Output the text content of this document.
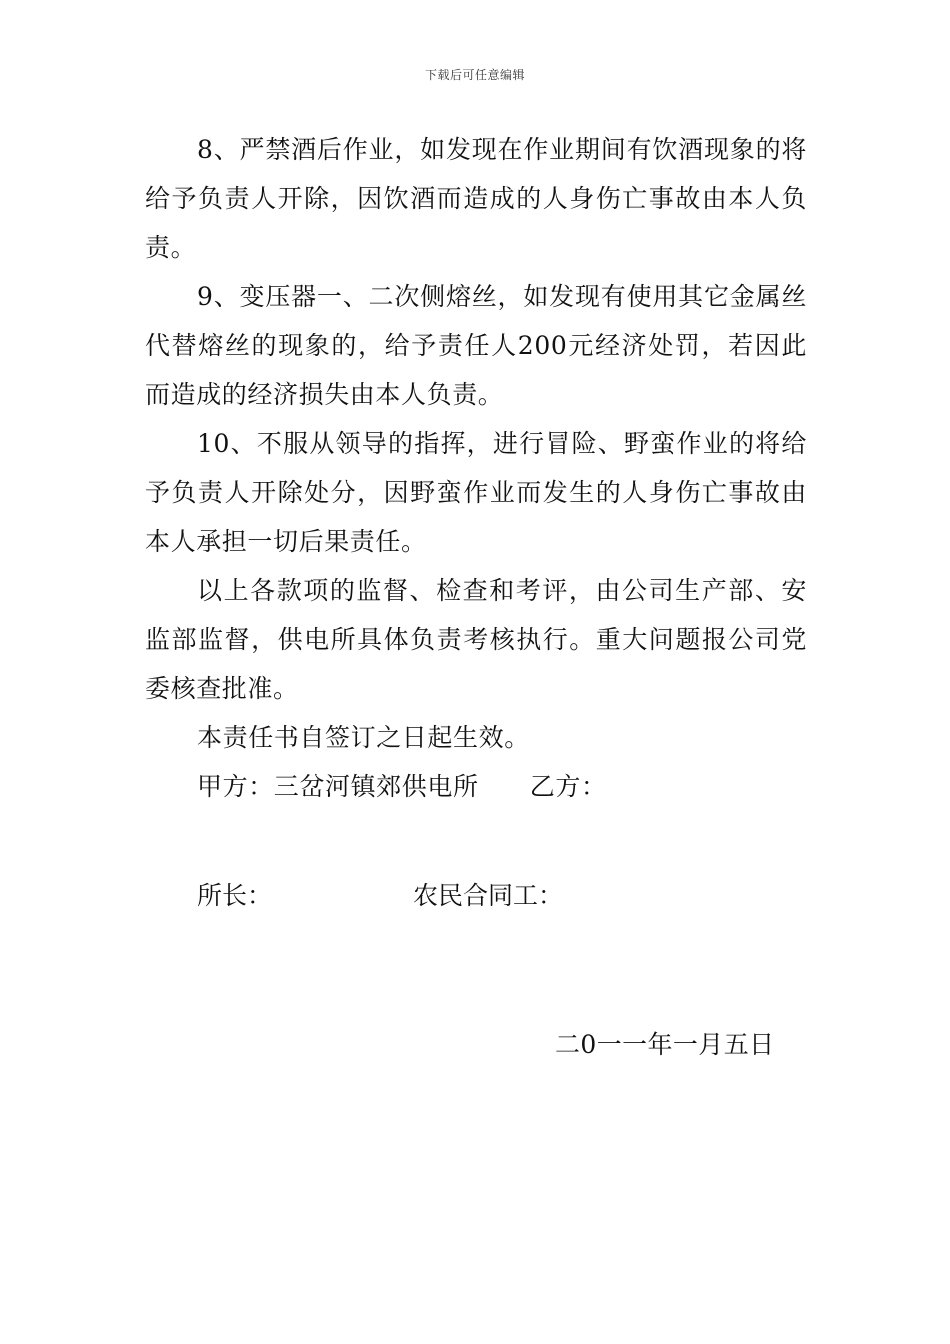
下载后可任意编辑

8、严禁酒后作业，如发现在作业期间有饮酒现象的将给予负责人开除，因饮酒而造成的人身伤亡事故由本人负责。

9、变压器一、二次侧熔丝，如发现有使用其它金属丝代替熔丝的现象的，给予责任人200元经济处罚，若因此而造成的经济损失由本人负责。

10、不服从领导的指挥，进行冒险、野蛮作业的将给予负责人开除处分，因野蛮作业而发生的人身伤亡事故由本人承担一切后果责任。

以上各款项的监督、检查和考评，由公司生产部、安监部监督，供电所具体负责考核执行。重大问题报公司党委核查批准。

本责任书自签订之日起生效。

甲方：三岔河镇郊供电所　　乙方：

所长：	农民合同工：
二0一一年一月五日
